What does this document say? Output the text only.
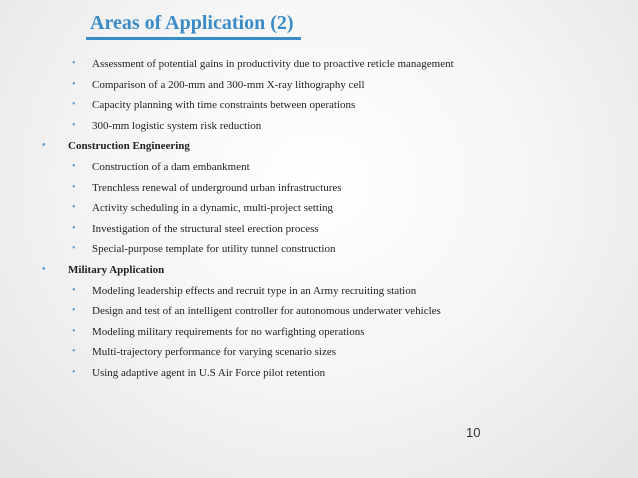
Areas of Application (2)
• Assessment of potential gains in productivity due to proactive reticle management
• Comparison of a 200-mm and 300-mm X-ray lithography cell
• Capacity planning with time constraints between operations
• 300-mm logistic system risk reduction
• Construction Engineering
• Construction of a dam embankment
• Trenchless renewal of underground urban infrastructures
• Activity scheduling in a dynamic, multi-project setting
• Investigation of the structural steel erection process
• Special-purpose template for utility tunnel construction
• Military Application
• Modeling leadership effects and recruit type in an Army recruiting station
• Design and test of an intelligent controller for autonomous underwater vehicles
• Modeling military requirements for no warfighting operations
• Multi-trajectory performance for varying scenario sizes
• Using adaptive agent in U.S Air Force pilot retention
10
